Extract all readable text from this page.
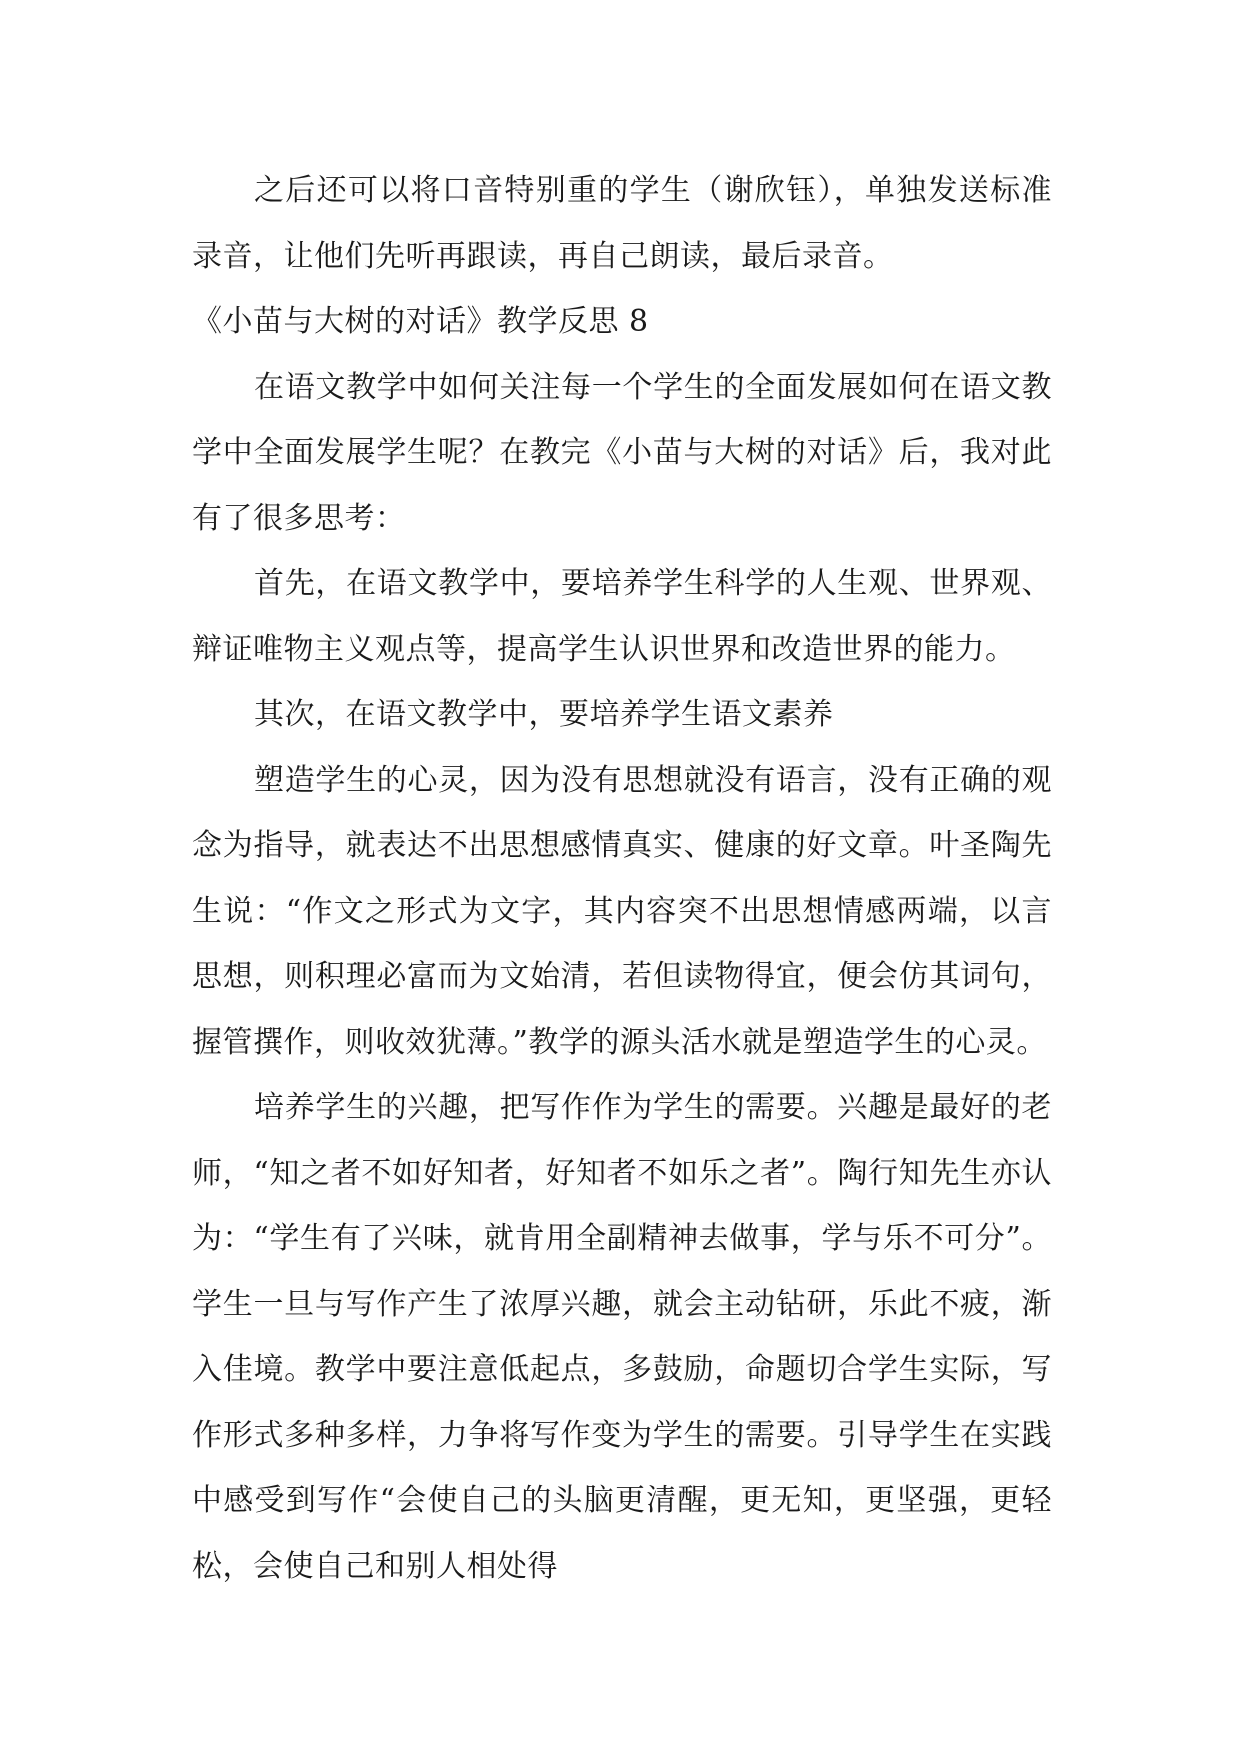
之后还可以将口音特别重的学生（谢欣钰），单独发送标准录音，让他们先听再跟读，再自己朗读，最后录音。

《小苗与大树的对话》教学反思 8

在语文教学中如何关注每一个学生的全面发展如何在语文教学中全面发展学生呢？在教完《小苗与大树的对话》后，我对此有了很多思考：

首先，在语文教学中，要培养学生科学的人生观、世界观、辩证唯物主义观点等，提高学生认识世界和改造世界的能力。

其次，在语文教学中，要培养学生语文素养

塑造学生的心灵，因为没有思想就没有语言，没有正确的观念为指导，就表达不出思想感情真实、健康的好文章。叶圣陶先生说：“作文之形式为文字，其内容突不出思想情感两端，以言思想，则积理必富而为文始清，若但读物得宜，便会仿其词句，握管撰作，则收效犹薄。”教学的源头活水就是塑造学生的心灵。

培养学生的兴趣，把写作作为学生的需要。兴趣是最好的老师，“知之者不如好知者，好知者不如乐之者”。陶行知先生亦认为：“学生有了兴味，就肯用全副精神去做事，学与乐不可分”。学生一旦与写作产生了浓厚兴趣，就会主动钻研，乐此不疲，渐入佳境。教学中要注意低起点，多鼓励，命题切合学生实际，写作形式多种多样，力争将写作变为学生的需要。引导学生在实践中感受到写作“会使自己的头脑更清醒，更无知，更坚强，更轻松，会使自己和别人相处得
